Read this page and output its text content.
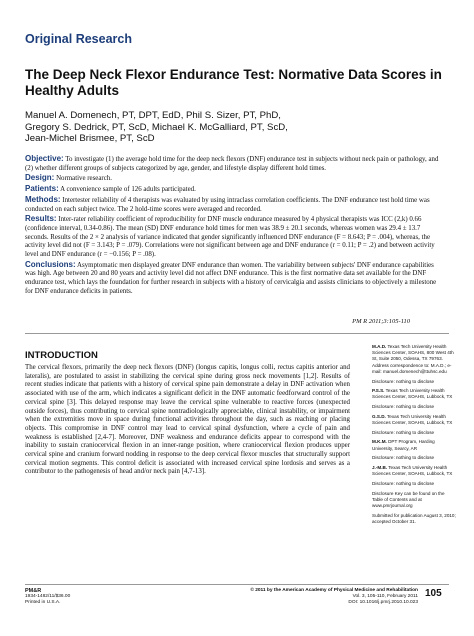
Original Research
The Deep Neck Flexor Endurance Test: Normative Data Scores in Healthy Adults
Manuel A. Domenech, PT, DPT, EdD, Phil S. Sizer, PT, PhD,
Gregory S. Dedrick, PT, ScD, Michael K. McGalliard, PT, ScD,
Jean-Michel Brismee, PT, ScD

Objective: To investigate (1) the average hold time for the deep neck flexors (DNF) endurance test in subjects without neck pain or pathology, and (2) whether different groups of subjects categorized by age, gender, and lifestyle display different hold times.

Design: Normative research.

Patients: A convenience sample of 126 adults participated.

Methods: Intertester reliability of 4 therapists was evaluated by using intraclass correlation coefficients. The DNF endurance test hold time was conducted on each subject twice. The 2 hold-time scores were averaged and recorded.

Results: Inter-rater reliability coefficient of reproducibility for DNF muscle endurance measured by 4 physical therapists was ICC (2,k) 0.66 (confidence interval, 0.34-0.86). The mean (SD) DNF endurance hold times for men was 38.9 ± 20.1 seconds, whereas women was 29.4 ± 13.7 seconds. Results of the 2 × 2 analysis of variance indicated that gender significantly influenced DNF endurance (F = 8.643; P = .004), whereas, the activity level did not (F = 3.143; P = .079). Correlations were not significant between age and DNF endurance (r = 0.11; P = .2) and between activity level and DNF endurance (r = −0.156; P = .08).

Conclusions: Asymptomatic men displayed greater DNF endurance than women. The variability between subjects' DNF endurance capabilities was high. Age between 20 and 80 years and activity level did not affect DNF endurance. This is the first normative data set available for the DNF endurance test, which lays the foundation for further research in subjects with a history of cervicalgia and assists clinicians to objectively a milestone for DNF endurance deficits in patients.

PM R 2011;3:105-110
INTRODUCTION

The cervical flexors, primarily the deep neck flexors (DNF) (longus capitis, longus colli, rectus capitis anterior and lateralis), are postulated to assist in stabilizing the cervical spine during gross neck movements [1,2]. Results of recent studies indicate that patients with a history of cervical spine pain demonstrate a delay in DNF activation when associated with use of the arm, which indicates a significant deficit in the DNF automatic feedforward control of the cervical spine [3]. This delayed response may leave the cervical spine vulnerable to reactive forces (unexpected outside forces), thus contributing to cervical spine nontradiologically appreciable, clinical instability, or impairment when the extremities move in space during functional activities throughout the day, such as reaching or placing objects. This compromise in DNF control may lead to cervical spinal dysfunction, where a cycle of pain and weakness is established [2,4-7]. Moreover, DNF weakness and endurance deficits appear to correspond with the inability to sustain craniocervical flexion in an inner-range position, where craniocervical flexion produces upper cervical spine and cranium forward nodding in response to the deep cervical flexor muscles that structurally support cervical motion segments. This control deficit is associated with increased cervical spine lordosis and serves as a contributor to the pathogenesis of head and/or neck pain [4,7-13].

M.A.D. Texas Tech University Health Sciences Center, SOAHS, 800 West 4th St, Suite 2050, Odessa, TX 79763. Address correspondence to: M.A.D.; e-mail: manuel.domenech@ttuhsc.edu
Disclosure: nothing to disclose
P.S.S. Texas Tech University Health Sciences Center, SOAHS, Lubbock, TX
Disclosure: nothing to disclose
G.S.D. Texas Tech University Health Sciences Center, SOAHS, Lubbock, TX
Disclosure: nothing to disclose
M.K.M. DPT Program, Harding University, Searcy, AR
Disclosure: nothing to disclose
J.-M.B. Texas Tech University Health Sciences Center, SOAHS, Lubbock, TX
Disclosure: nothing to disclose
Disclosure Key can be found on the Table of Contents and at www.pmrjournal.org
Submitted for publication August 3, 2010; accepted October 31.
PM&R
1934-1482/11/$36.00
Printed in U.S.A.
© 2011 by the American Academy of Physical Medicine and Rehabilitation
Vol. 3, 105-110, February 2011
DOI: 10.1016/j.pmrj.2010.10.023
105
